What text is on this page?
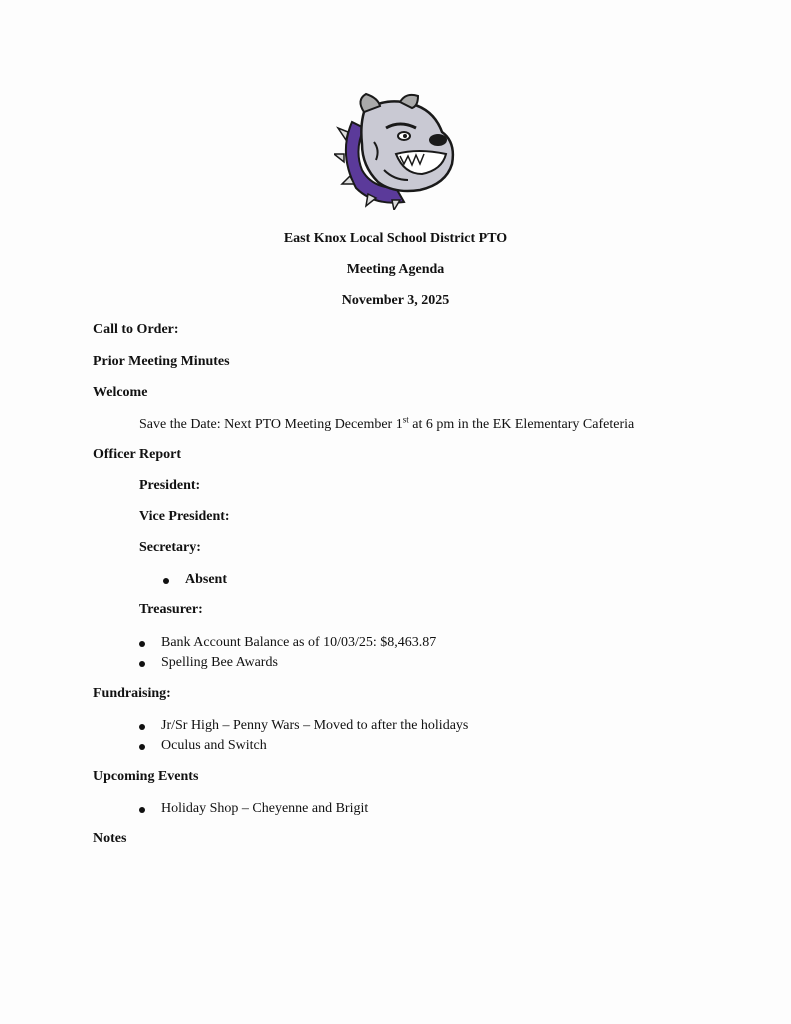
East Knox Local School District PTO
Meeting Agenda
November 3, 2025
Call to Order:
Prior Meeting Minutes
Welcome
Save the Date: Next PTO Meeting December 1st at 6 pm in the EK Elementary Cafeteria
Officer Report
President:
Vice President:
Secretary:
Absent
Treasurer:
Bank Account Balance as of 10/03/25: $8,463.87
Spelling Bee Awards
Fundraising:
Jr/Sr High – Penny Wars – Moved to after the holidays
Oculus and Switch
Upcoming Events
Holiday Shop – Cheyenne and Brigit
Notes
